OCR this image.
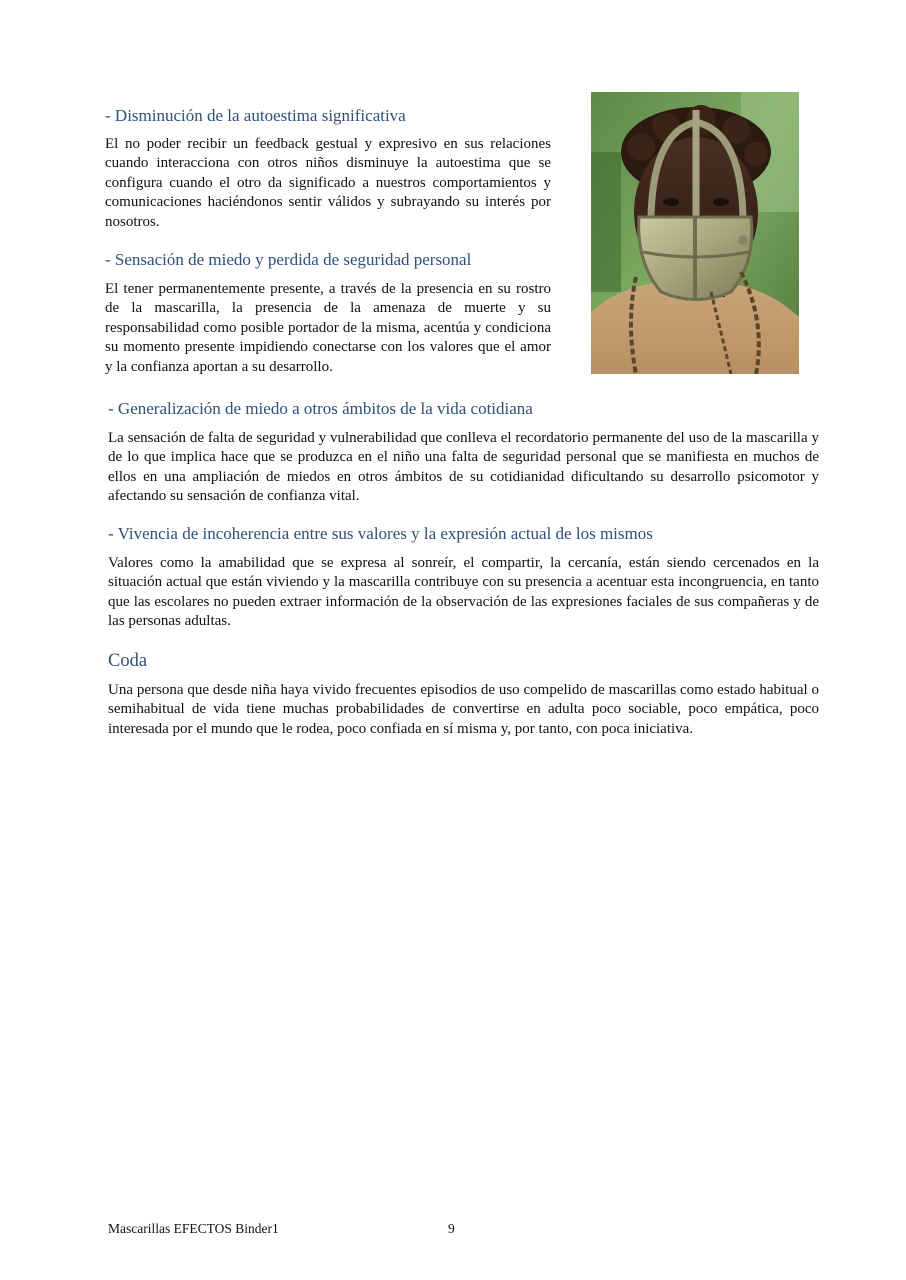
- Disminución de la autoestima significativa

El no poder recibir un feedback gestual y expresivo en sus relaciones cuando interacciona con otros niños disminuye la autoestima que se configura cuando el otro da significado a nuestros comportamientos y comunicaciones haciéndonos sentir válidos y subrayando su interés por nosotros.

- Sensación de miedo y perdida de seguridad personal

El tener permanentemente presente, a través de la presencia en su rostro de la mascarilla, la presencia de la amenaza de muerte y su responsabilidad como posible portador de la misma, acentúa y condiciona su momento presente impidiendo conectarse con los valores que el amor y la confianza aportan a su desarrollo.

- Generalización de miedo a otros ámbitos de la vida cotidiana

La sensación de falta de seguridad y vulnerabilidad que conlleva el recordatorio permanente del uso de la mascarilla y de lo que implica hace que se produzca en el niño una falta de seguridad personal que se manifiesta en muchos de ellos en una ampliación de miedos en otros ámbitos de su cotidianidad dificultando su desarrollo psicomotor y afectando su sensación de confianza vital.

- Vivencia de incoherencia entre sus valores y la expresión actual de los mismos

Valores como la amabilidad que se expresa al sonreír, el compartir, la cercanía, están siendo cercenados en la situación actual que están viviendo y la mascarilla contribuye con su presencia a acentuar esta incongruencia, en tanto que las escolares no pueden extraer información de la observación de las expresiones faciales de sus compañeras y de las personas adultas.

Coda

Una persona que desde niña haya vivido frecuentes episodios de uso compelido de mascarillas como estado habitual o semihabitual de vida tiene muchas probabilidades de convertirse en adulta poco sociable, poco empática, poco interesada por el mundo que le rodea, poco confiada en sí misma y, por tanto, con poca iniciativa.

Mascarillas EFECTOS Binder1	9
